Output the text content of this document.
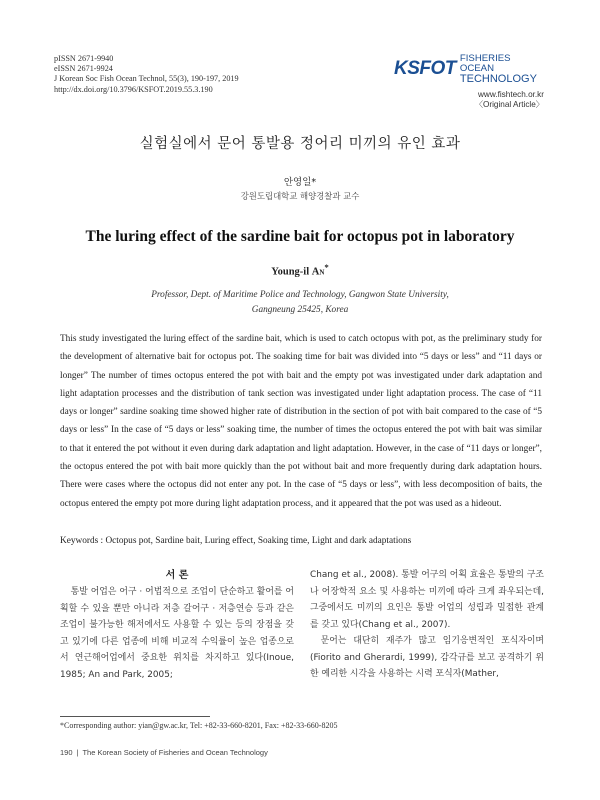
pISSN 2671-9940
eISSN 2671-9924
J Korean Soc Fish Ocean Technol, 55(3), 190-197, 2019
http://dx.doi.org/10.3796/KSFOT.2019.55.3.190
KSFOT FISHERIES OCEAN
TECHNOLOGY
www.fishtech.or.kr
〈Original Article〉
실험실에서 문어 통발용 정어리 미끼의 유인 효과
안영일*
강원도립대학교 해양경찰과 교수
The luring effect of the sardine bait for octopus pot in laboratory
Young-il An*
Professor, Dept. of Maritime Police and Technology, Gangwon State University,
Gangneung 25425, Korea

This study investigated the luring effect of the sardine bait, which is used to catch octopus with pot, as the preliminary study for the development of alternative bait for octopus pot. The soaking time for bait was divided into “5 days or less” and “11 days or longer” The number of times octopus entered the pot with bait and the empty pot was investigated under dark adaptation and light adaptation processes and the distribution of tank section was investigated under light adaptation process. The case of “11 days or longer” sardine soaking time showed higher rate of distribution in the section of pot with bait compared to the case of “5 days or less” In the case of “5 days or less” soaking time, the number of times the octopus entered the pot with bait was similar to that it entered the pot without it even during dark adaptation and light adaptation. However, in the case of “11 days or longer”, the octopus entered the pot with bait more quickly than the pot without bait and more frequently during dark adaptation hours. There were cases where the octopus did not enter any pot. In the case of “5 days or less”, with less decomposition of baits, the octopus entered the empty pot more during light adaptation process, and it appeared that the pot was used as a hideout.

Keywords : Octopus pot, Sardine bait, Luring effect, Soaking time, Light and dark adaptations
서 론

통발 어업은 어구 · 어법적으로 조업이 단순하고 활어를 어획할 수 있을 뿐만 아니라 저층 갈어구 · 저층연승 등과 같은 조업이 불가능한 해저에서도 사용할 수 있는 등의 장점을 갖고 있기에 다른 업종에 비해 비교적 수익률이 높은 업종으로서 연근해어업에서 중요한 위치를 차지하고 있다(Inoue, 1985; An and Park, 2005;

Chang et al., 2008). 통발 어구의 어획 효율은 통발의 구조나 어장학적 요소 및 사용하는 미끼에 따라 크게 좌우되는데, 그중에서도 미끼의 요인은 통발 어업의 성립과 밀접한 관계를 갖고 있다(Chang et al., 2007).

문어는 대단히 재주가 많고 임기응변적인 포식자이며(Fiorito and Gherardi, 1999), 감각규를 보고 공격하기 위한 예리한 시각을 사용하는 시력 포식자(Mather,

*Corresponding author: yian@gw.ac.kr, Tel: +82-33-660-8201, Fax: +82-33-660-8205
190 | The Korean Society of Fisheries and Ocean Technology
